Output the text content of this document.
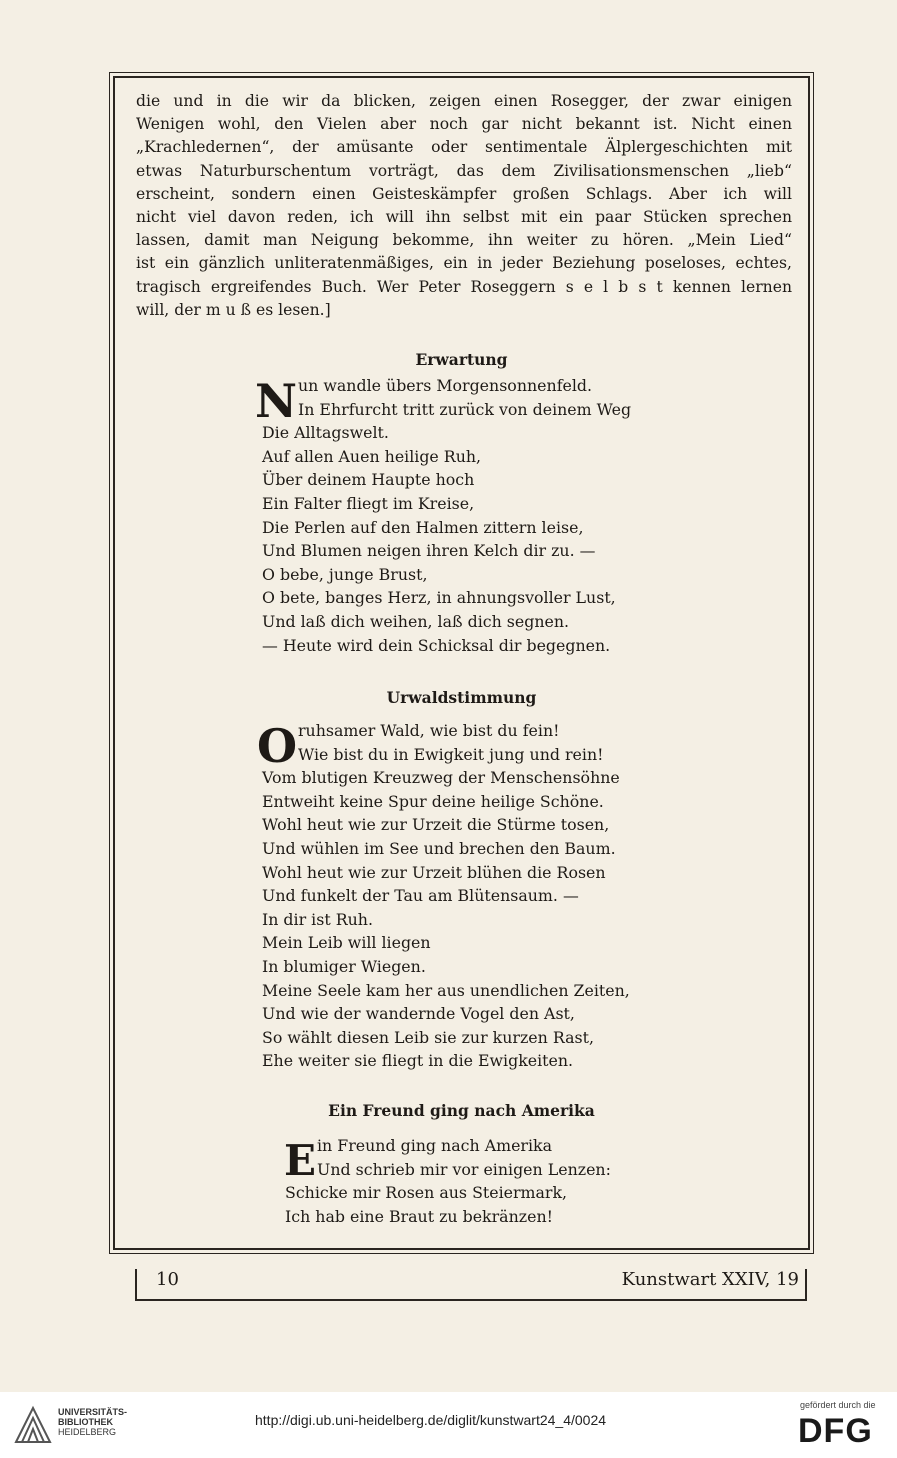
die und in die wir da blicken, zeigen einen Rosegger, der zwar einigen
Wenigen wohl, den Vielen aber noch gar nicht bekannt ist. Nicht einen
„Krachledernen“, der amüsante oder sentimentale Älplergeschichten mit
etwas Naturburschentum vorträgt, das dem Zivilisationsmenschen „lieb“
erscheint, sondern einen Geisteskämpfer großen Schlags. Aber ich will
nicht viel davon reden, ich will ihn selbst mit ein paar Stücken sprechen
lassen, damit man Neigung bekomme, ihn weiter zu hören. „Mein Lied“
ist ein gänzlich unliteratenmäßiges, ein in jeder Beziehung poseloses, echtes,
tragisch ergreifendes Buch. Wer Peter Roseggern s e l b s t kennen lernen
will, der m u ß es lesen.]
Erwartung
N un wandle übers Morgensonnenfeld.
In Ehrfurcht tritt zurück von deinem Weg
Die Alltagswelt.
Auf allen Auen heilige Ruh,
Über deinem Haupte hoch
Ein Falter fliegt im Kreise,
Die Perlen auf den Halmen zittern leise,
Und Blumen neigen ihren Kelch dir zu. —
O bebe, junge Brust,
O bete, banges Herz, in ahnungsvoller Lust,
Und laß dich weihen, laß dich segnen.
— Heute wird dein Schicksal dir begegnen.
Urwaldstimmung
O ruhsamer Wald, wie bist du fein!
Wie bist du in Ewigkeit jung und rein!
Vom blutigen Kreuzweg der Menschensöhne
Entweiht keine Spur deine heilige Schöne.
Wohl heut wie zur Urzeit die Stürme tosen,
Und wühlen im See und brechen den Baum.
Wohl heut wie zur Urzeit blühen die Rosen
Und funkelt der Tau am Blütensaum. —
In dir ist Ruh.
Mein Leib will liegen
In blumiger Wiegen.
Meine Seele kam her aus unendlichen Zeiten,
Und wie der wandernde Vogel den Ast,
So wählt diesen Leib sie zur kurzen Rast,
Ehe weiter sie fliegt in die Ewigkeiten.
Ein Freund ging nach Amerika
E in Freund ging nach Amerika
Und schrieb mir vor einigen Lenzen:
Schicke mir Rosen aus Steiermark,
Ich hab eine Braut zu bekränzen!
10	Kunstwart XXIV, 19
UNIVERSITÄTS-
BIBLIOTHEK
HEIDELBERG
http://digi.ub.uni-heidelberg.de/diglit/kunstwart24_4/0024
gefördert durch die
DFG
